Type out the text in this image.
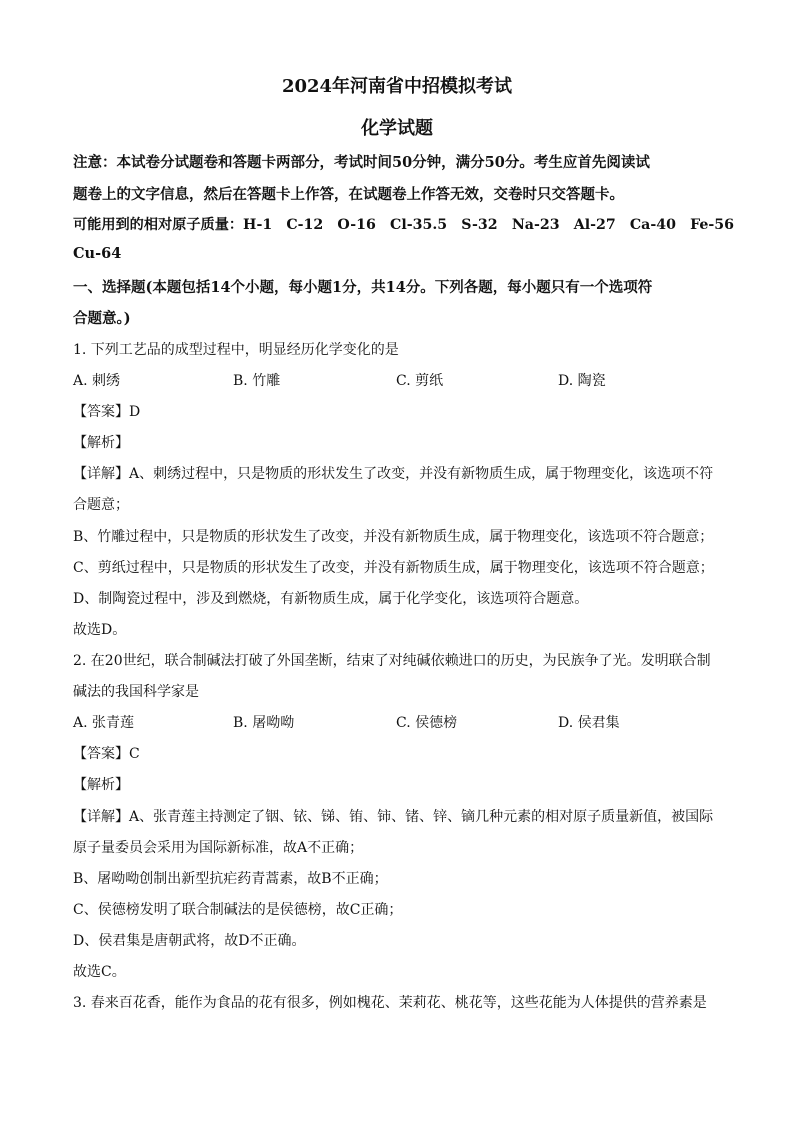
2024年河南省中招模拟考试
化学试题
注意：本试卷分试题卷和答题卡两部分，考试时间50分钟，满分50分。考生应首先阅读试
题卷上的文字信息，然后在答题卡上作答，在试题卷上作答无效，交卷时只交答题卡。
可能用到的相对原子质量：H-1　C-12　O-16　Cl-35.5　S-32　Na-23　Al-27　Ca-40　Fe-56
Cu-64
一、选择题(本题包括14个小题，每小题1分，共14分。下列各题，每小题只有一个选项符
合题意。)
1. 下列工艺品的成型过程中，明显经历化学变化的是
A. 刺绣	B. 竹雕	C. 剪纸	D. 陶瓷
【答案】D
【解析】
【详解】A、刺绣过程中，只是物质的形状发生了改变，并没有新物质生成，属于物理变化，该选项不符
合题意；
B、竹雕过程中，只是物质的形状发生了改变，并没有新物质生成，属于物理变化，该选项不符合题意；
C、剪纸过程中，只是物质的形状发生了改变，并没有新物质生成，属于物理变化，该选项不符合题意；
D、制陶瓷过程中，涉及到燃烧，有新物质生成，属于化学变化，该选项符合题意。
故选D。
2. 在20世纪，联合制碱法打破了外国垄断，结束了对纯碱依赖进口的历史，为民族争了光。发明联合制
碱法的我国科学家是
A. 张青莲	B. 屠呦呦	C. 侯德榜	D. 侯君集
【答案】C
【解析】
【详解】A、张青莲主持测定了铟、铱、锑、铕、铈、锗、锌、镝几种元素的相对原子质量新值，被国际
原子量委员会采用为国际新标准，故A不正确；
B、屠呦呦创制出新型抗疟药青蒿素，故B不正确；
C、侯德榜发明了联合制碱法的是侯德榜，故C正确；
D、侯君集是唐朝武将，故D不正确。
故选C。
3. 春来百花香，能作为食品的花有很多，例如槐花、茉莉花、桃花等，这些花能为人体提供的营养素是
